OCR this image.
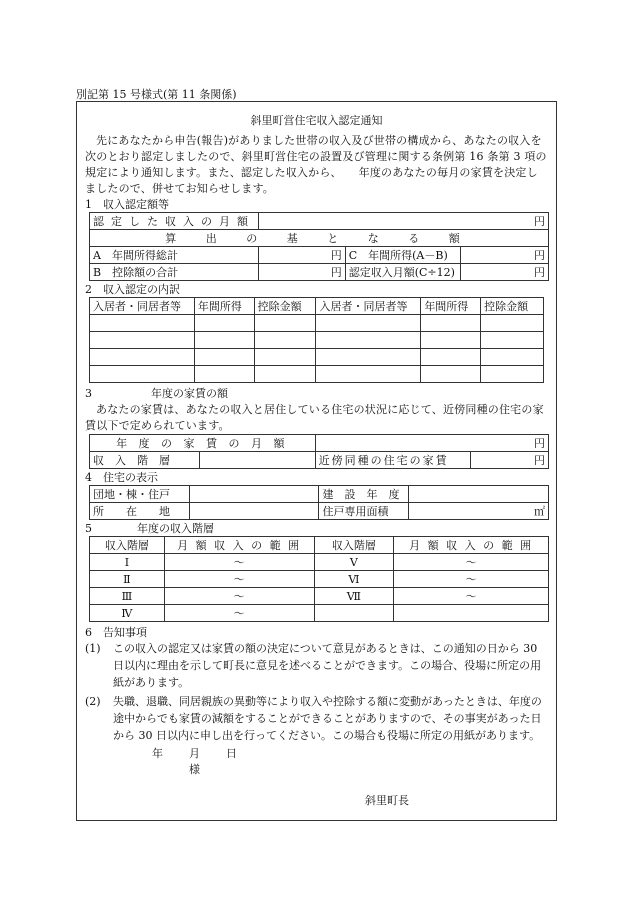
別記第 15 号様式(第 11 条関係)
斜里町営住宅収入認定通知
先にあなたから申告(報告)がありました世帯の収入及び世帯の構成から、あなたの収入を次のとおり認定しましたので、斜里町営住宅の設置及び管理に関する条例第 16 条第 3 項の規定により通知します。また、認定した収入から、　　年度のあなたの毎月の家賃を決定しましたので、併せてお知らせします。
1 収入認定額等
認定した収入の月額	円		
算 出 の 基 と な る 額			
A　年間所得総計	円	C　年間所得(A－B)	円
B　控除額の合計	円	認定収入月額(C÷12)	円
2 収入認定の内訳
入居者・同居者等	年間所得	控除金額	入居者・同居者等	年間所得	控除金額

3	年度の家賃の額
あなたの家賃は、あなたの収入と居住している住宅の状況に応じて、近傍同種の住宅の家賃以下で定められています。
年 度 の 家 賃 の 月 額		円	
収　入　階　層		近傍同種の住宅の家賃	円
4 住宅の表示
団地・棟・住戸		建　設　年　度	
所　　在　　地		住戸専用面積	㎡
5	年度の収入階層
収入階層	月 額 収 入 の 範 囲	収入階層	月 額 収 入 の 範 囲
Ⅰ	～	Ⅴ	～
Ⅱ	～	Ⅵ	～
Ⅲ	～	Ⅶ	～
Ⅳ	～		
6 告知事項
(1)	この収入の認定又は家賃の額の決定について意見があるときは、この通知の日から 30 日以内に理由を示して町長に意見を述べることができます。この場合、役場に所定の用紙があります。
(2)	失職、退職、同居親族の異動等により収入や控除する額に変動があったときは、年度の途中からでも家賃の減額をすることができることがありますので、その事実があった日から 30 日以内に申し出を行ってください。この場合も役場に所定の用紙があります。
年 月 日
様
斜里町長
